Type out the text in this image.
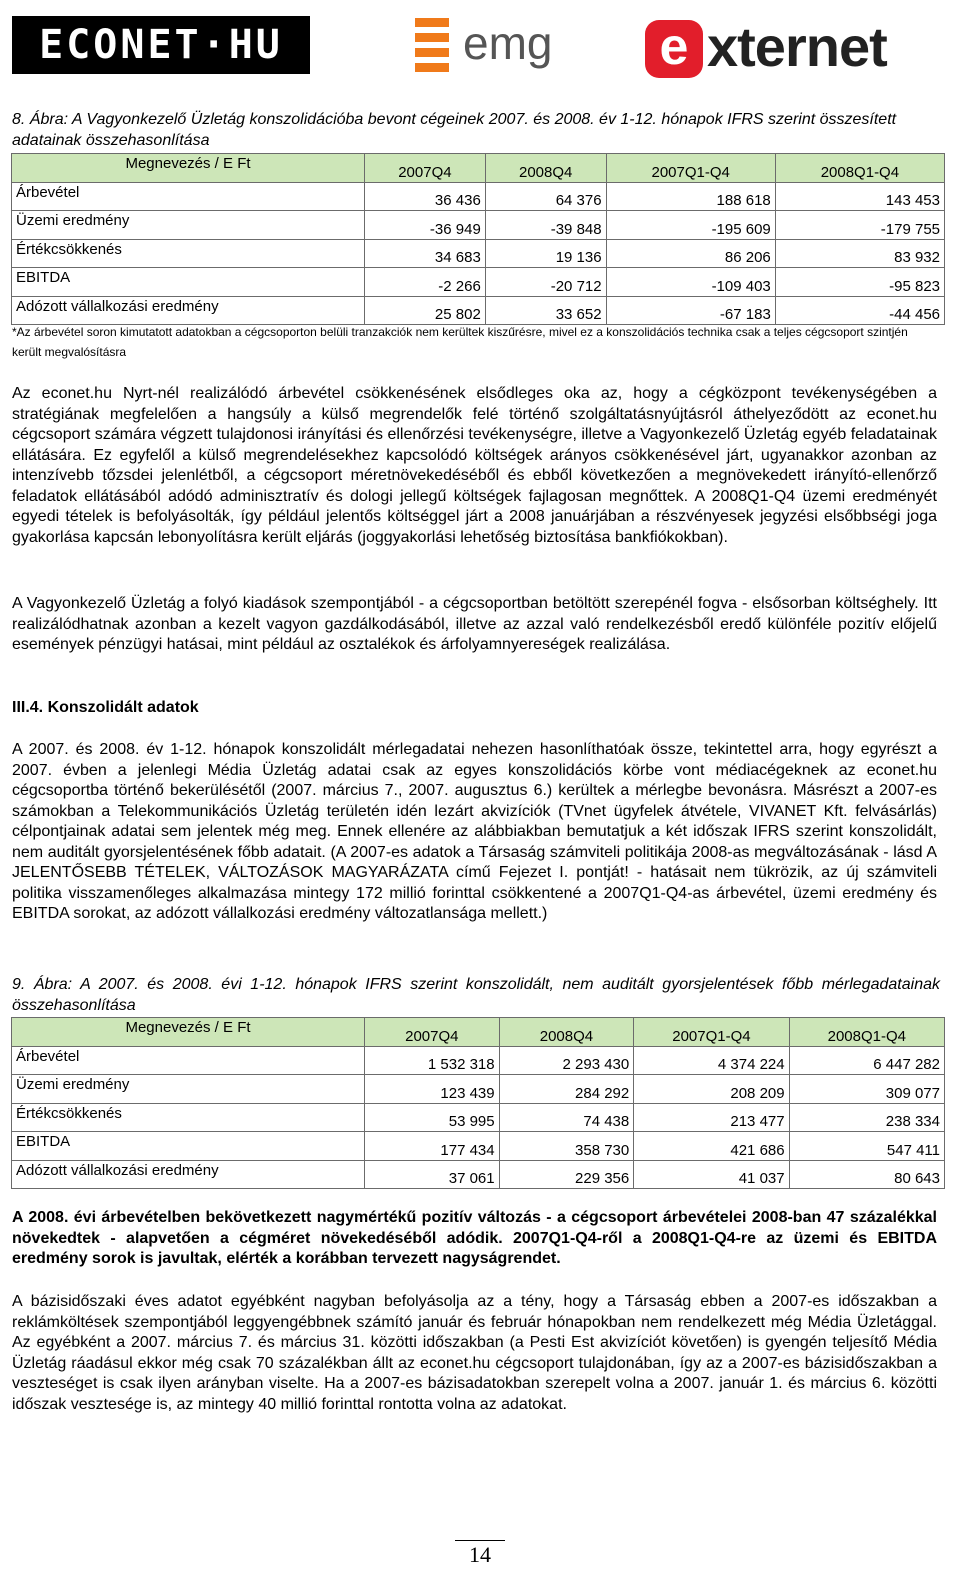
ECONET·HU	emg e xternet
8. Ábra: A Vagyonkezelő Üzletág konszolidációba bevont cégeinek 2007. és 2008. év 1-12. hónapok IFRS szerint összesített adatainak összehasonlítása
Megnevezés / E Ft	2007Q4	2008Q4	2007Q1-Q4	2008Q1-Q4
Árbevétel	36 436	64 376	188 618	143 453
Üzemi eredmény	-36 949	-39 848	-195 609	-179 755
Értékcsökkenés	34 683	19 136	86 206	83 932
EBITDA	-2 266	-20 712	-109 403	-95 823
Adózott vállalkozási eredmény	25 802	33 652	-67 183	-44 456
*Az árbevétel soron kimutatott adatokban a cégcsoporton belüli tranzakciók nem kerültek kiszűrésre, mivel ez a konszolidációs technika csak a teljes cégcsoport szintjén került megvalósításra
Az econet.hu Nyrt-nél realizálódó árbevétel csökkenésének elsődleges oka az, hogy a cégközpont tevékenységében a stratégiának megfelelően a hangsúly a külső megrendelők felé történő szolgáltatásnyújtásról áthelyeződött az econet.hu cégcsoport számára végzett tulajdonosi irányítási és ellenőrzési tevékenységre, illetve a Vagyonkezelő Üzletág egyéb feladatainak ellátására. Ez egyfelől a külső megrendelésekhez kapcsolódó költségek arányos csökkenésével járt, ugyanakkor azonban az intenzívebb tőzsdei jelenlétből, a cégcsoport méretnövekedéséből és ebből következően a megnövekedett irányító-ellenőrző feladatok ellátásából adódó adminisztratív és dologi jellegű költségek fajlagosan megnőttek. A 2008Q1-Q4 üzemi eredményét egyedi tételek is befolyásolták, így például jelentős költséggel járt a 2008 januárjában a részvényesek jegyzési elsőbbségi joga gyakorlása kapcsán lebonyolításra került eljárás (joggyakorlási lehetőség biztosítása bankfiókokban).
A Vagyonkezelő Üzletág a folyó kiadások szempontjából - a cégcsoportban betöltött szerepénél fogva - elsősorban költséghely. Itt realizálódhatnak azonban a kezelt vagyon gazdálkodásából, illetve az azzal való rendelkezésből eredő különféle pozitív előjelű események pénzügyi hatásai, mint például az osztalékok és árfolyamnyereségek realizálása.
III.4. Konszolidált adatok
A 2007. és 2008. év 1-12. hónapok konszolidált mérlegadatai nehezen hasonlíthatóak össze, tekintettel arra, hogy egyrészt a 2007. évben a jelenlegi Média Üzletág adatai csak az egyes konszolidációs körbe vont médiacégeknek az econet.hu cégcsoportba történő bekerülésétől (2007. március 7., 2007. augusztus 6.) kerültek a mérlegbe bevonásra. Másrészt a 2007-es számokban a Telekommunikációs Üzletág területén idén lezárt akvizíciók (TVnet ügyfelek átvétele, VIVANET Kft. felvásárlás) célpontjainak adatai sem jelentek még meg. Ennek ellenére az alábbiakban bemutatjuk a két időszak IFRS szerint konszolidált, nem auditált gyorsjelentésének főbb adatait. (A 2007-es adatok a Társaság számviteli politikája 2008-as megváltozásának - lásd A JELENTŐSEBB TÉTELEK, VÁLTOZÁSOK MAGYARÁZATA című Fejezet I. pontját! - hatásait nem tükrözik, az új számviteli politika visszamenőleges alkalmazása mintegy 172 millió forinttal csökkentené a 2007Q1-Q4-as árbevétel, üzemi eredmény és EBITDA sorokat, az adózott vállalkozási eredmény változatlansága mellett.)
9. Ábra: A 2007. és 2008. évi 1-12. hónapok IFRS szerint konszolidált, nem auditált gyorsjelentések főbb mérlegadatainak összehasonlítása
Megnevezés / E Ft	2007Q4	2008Q4	2007Q1-Q4	2008Q1-Q4
Árbevétel	1 532 318	2 293 430	4 374 224	6 447 282
Üzemi eredmény	123 439	284 292	208 209	309 077
Értékcsökkenés	53 995	74 438	213 477	238 334
EBITDA	177 434	358 730	421 686	547 411
Adózott vállalkozási eredmény	37 061	229 356	41 037	80 643
A 2008. évi árbevételben bekövetkezett nagymértékű pozitív változás - a cégcsoport árbevételei 2008-ban 47 százalékkal növekedtek - alapvetően a cégméret növekedéséből adódik. 2007Q1-Q4-ről a 2008Q1-Q4-re az üzemi és EBITDA eredmény sorok is javultak, elérték a korábban tervezett nagyságrendet.
A bázisidőszaki éves adatot egyébként nagyban befolyásolja az a tény, hogy a Társaság ebben a 2007-es időszakban a reklámköltések szempontjából leggyengébbnek számító január és február hónapokban nem rendelkezett még Média Üzletággal. Az egyébként a 2007. március 7. és március 31. közötti időszakban (a Pesti Est akvizíciót követően) is gyengén teljesítő Média Üzletág ráadásul ekkor még csak 70 százalékban állt az econet.hu cégcsoport tulajdonában, így az a 2007-es bázisidőszakban a veszteséget is csak ilyen arányban viselte. Ha a 2007-es bázisadatokban szerepelt volna a 2007. január 1. és március 6. közötti időszak vesztesége is, az mintegy 40 millió forinttal rontotta volna az adatokat.
14
